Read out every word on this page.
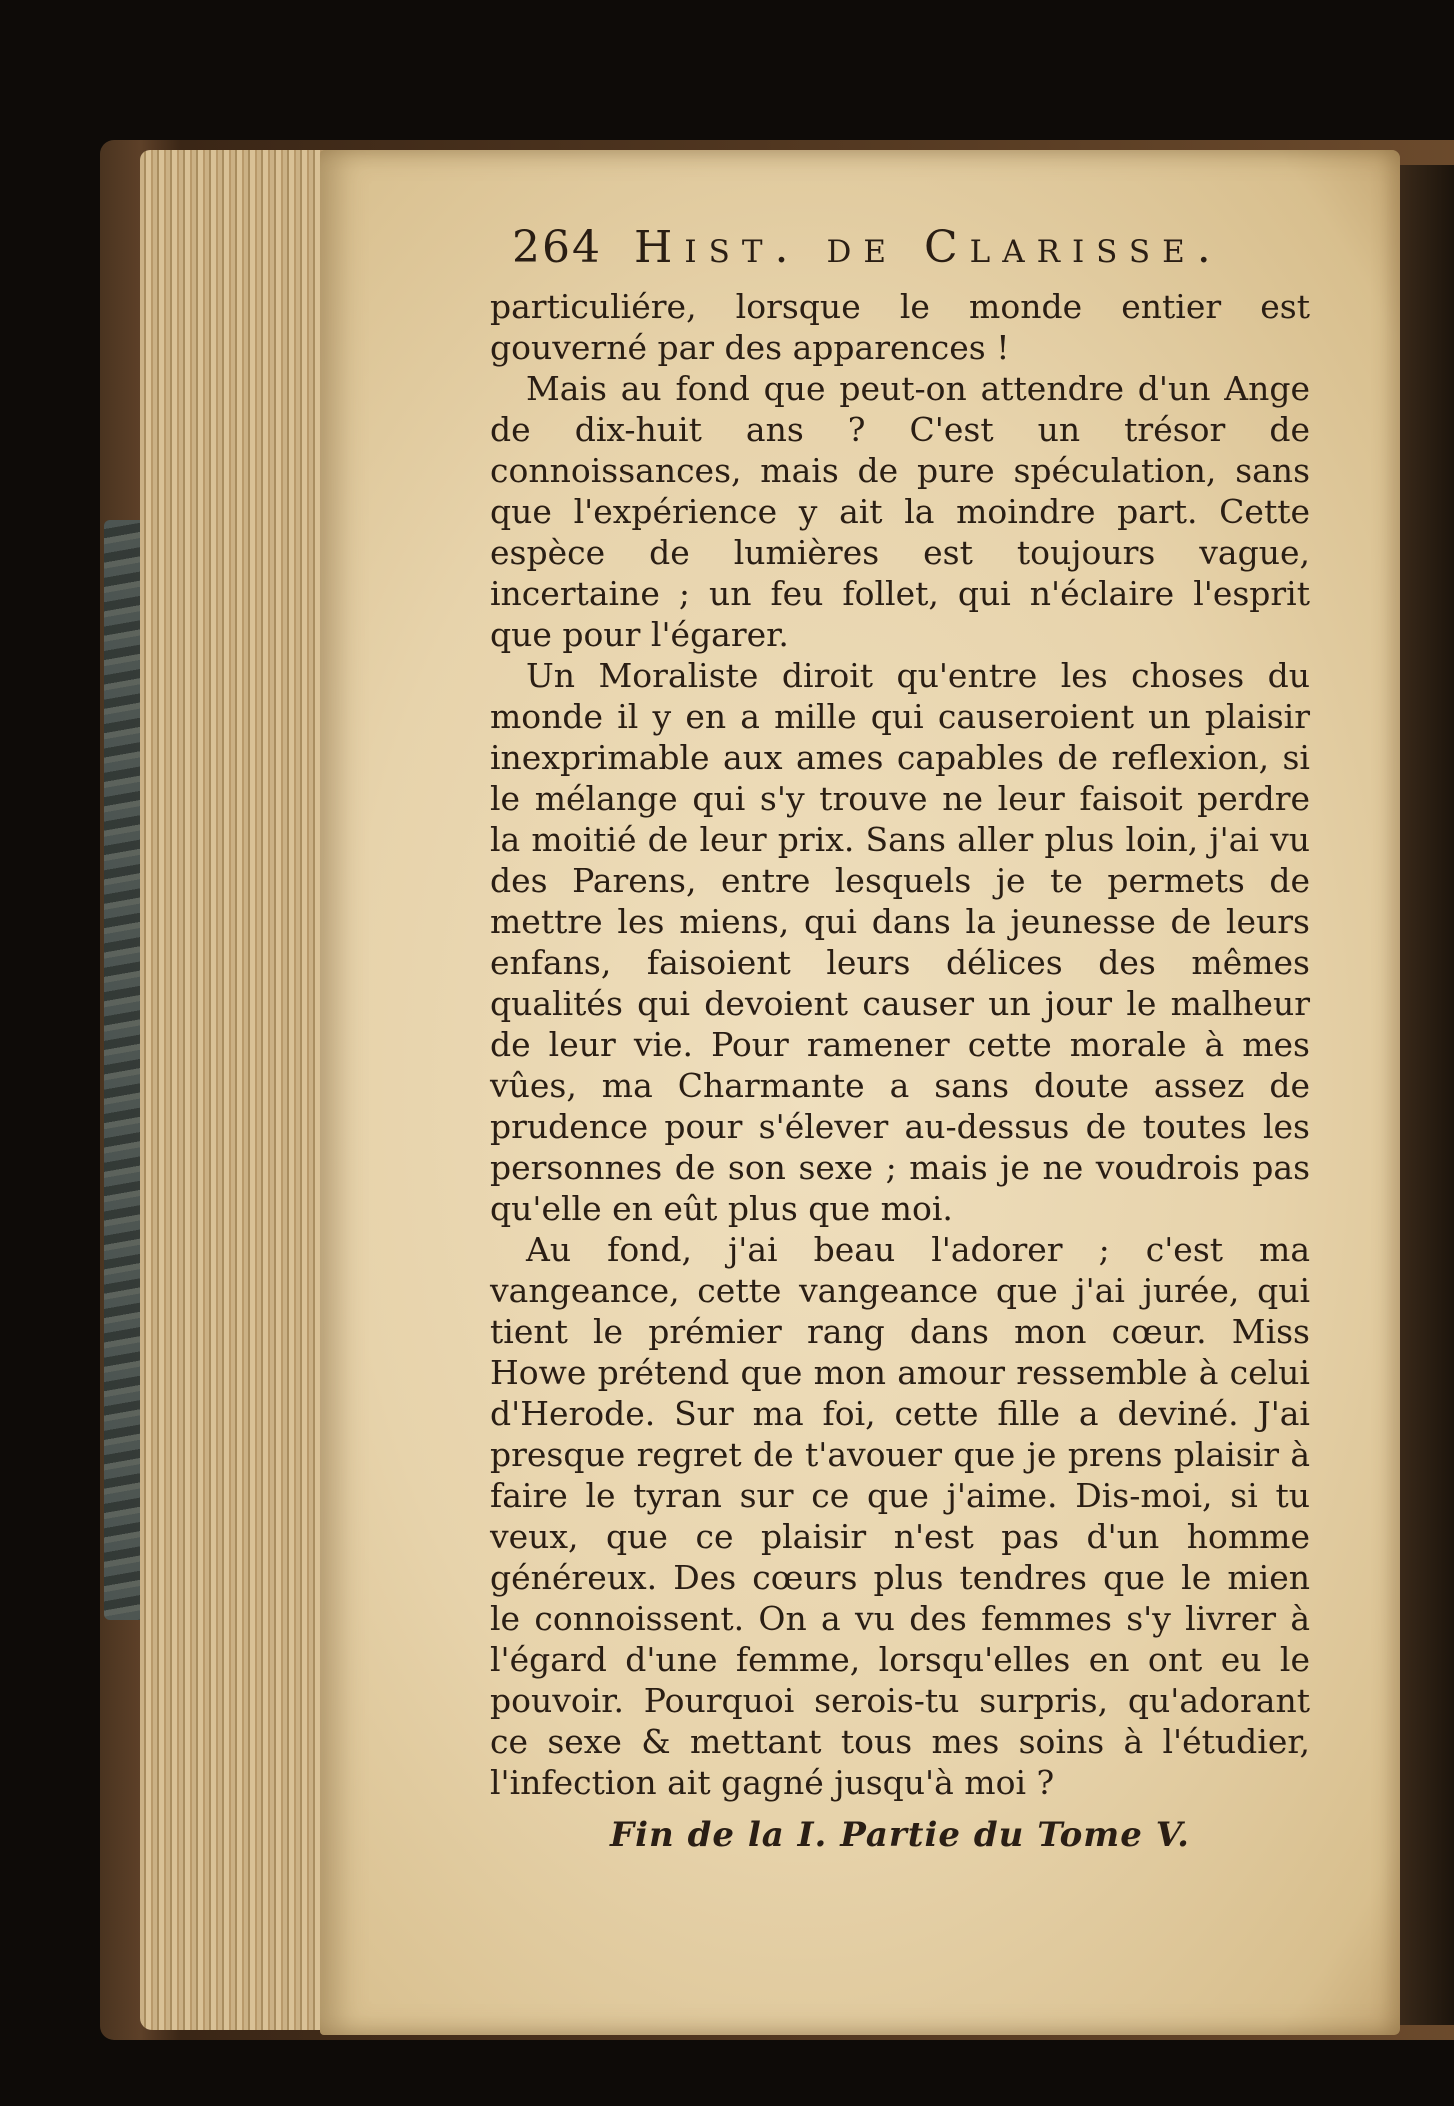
264 Hist. de Clarisse.

particuliére, lorsque le monde entier est gouverné par des apparences !

Mais au fond que peut-on attendre d'un Ange de dix-huit ans ? C'est un trésor de connoissances, mais de pure spéculation, sans que l'expérience y ait la moindre part. Cette espèce de lumières est toujours vague, incertaine ; un feu follet, qui n'éclaire l'esprit que pour l'égarer.

Un Moraliste diroit qu'entre les choses du monde il y en a mille qui causeroient un plaisir inexprimable aux ames capables de reflexion, si le mélange qui s'y trouve ne leur faisoit perdre la moitié de leur prix. Sans aller plus loin, j'ai vu des Parens, entre lesquels je te permets de mettre les miens, qui dans la jeunesse de leurs enfans, faisoient leurs délices des mêmes qualités qui devoient causer un jour le malheur de leur vie. Pour ramener cette morale à mes vûes, ma Charmante a sans doute assez de prudence pour s'élever au-dessus de toutes les personnes de son sexe ; mais je ne voudrois pas qu'elle en eût plus que moi.

Au fond, j'ai beau l'adorer ; c'est ma vangeance, cette vangeance que j'ai jurée, qui tient le prémier rang dans mon cœur. Miss Howe prétend que mon amour ressemble à celui d'Herode. Sur ma foi, cette fille a deviné. J'ai presque regret de t'avouer que je prens plaisir à faire le tyran sur ce que j'aime. Dis-moi, si tu veux, que ce plaisir n'est pas d'un homme généreux. Des cœurs plus tendres que le mien le connoissent. On a vu des femmes s'y livrer à l'égard d'une femme, lorsqu'elles en ont eu le pouvoir. Pourquoi serois-tu surpris, qu'adorant ce sexe & mettant tous mes soins à l'étudier, l'infection ait gagné jusqu'à moi ?

Fin de la I. Partie du Tome V.
